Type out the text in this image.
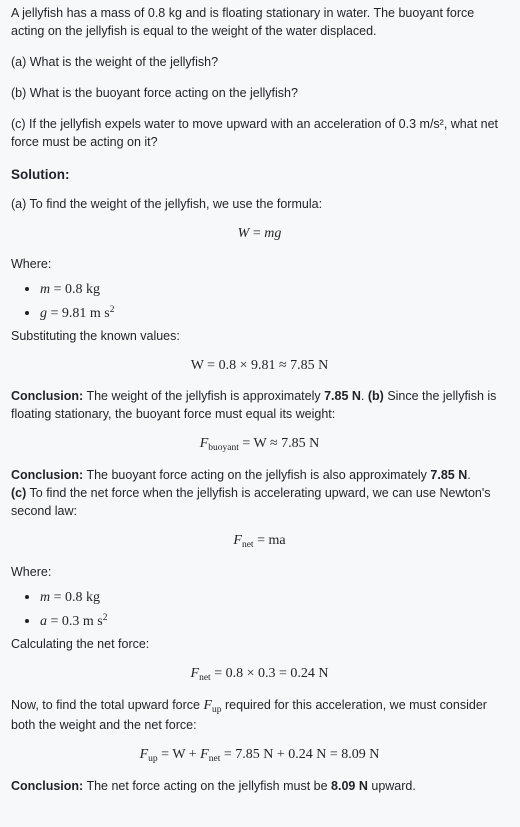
A jellyfish has a mass of 0.8 kg and is floating stationary in water. The buoyant force acting on the jellyfish is equal to the weight of the water displaced.

(a) What is the weight of the jellyfish?

(b) What is the buoyant force acting on the jellyfish?

(c) If the jellyfish expels water to move upward with an acceleration of 0.3 m/s², what net force must be acting on it?

Solution:

(a) To find the weight of the jellyfish, we use the formula:

W = mg

Where:

m = 0.8 kg
g = 9.81 m $s^2$

Substituting the known values:

W = 0.8 × 9.81 ≈ 7.85 N

Conclusion: The weight of the jellyfish is approximately 7.85 N. (b) Since the jellyfish is floating stationary, the buoyant force must equal its weight:

$F_{buoyant} = W \approx 7.85$ N

Conclusion: The buoyant force acting on the jellyfish is also approximately 7.85 N.
(c) To find the net force when the jellyfish is accelerating upward, we can use Newton's second law:

$F_{net}$ = ma

Where:

m = 0.8 kg
a = 0.3 m $s^2$

Calculating the net force:

$F_{net} = 0.8 \times 0.3 = 0.24$ N

Now, to find the total upward force $F_{up}$ required for this acceleration, we must consider both the weight and the net force:

$F_{up} = W + F_{net} = 7.85$ N + 0.24 N = 8.09 N

Conclusion: The net force acting on the jellyfish must be 8.09 N upward.
